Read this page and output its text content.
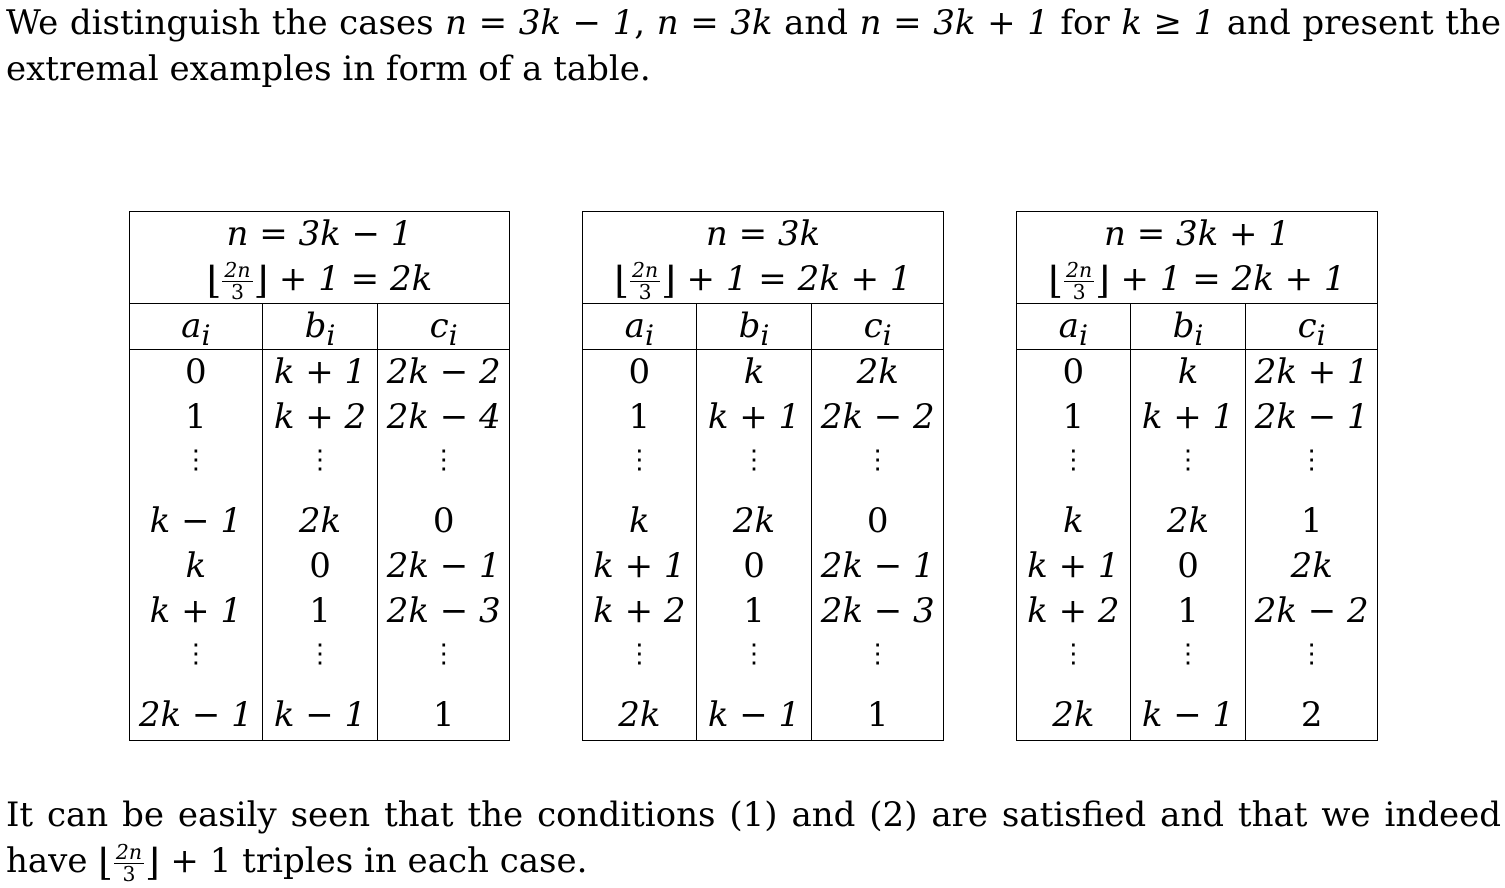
We distinguish the cases n = 3k − 1, n = 3k and n = 3k + 1 for k ≥ 1 and present the extremal examples in form of a table.
n = 3k − 1
⌊ $\frac{2n}{3}$ ⌋ + 1 = 2k
$a_i$
0
1
⋮
k − 1
k
k + 1
⋮
2k − 1
$b_i$
k + 1
k + 2
⋮
2k
0
1
⋮
k − 1
$c_i$
2k − 2
2k − 4
⋮
0
2k − 1
2k − 3
⋮
1
n = 3k
⌊ $\frac{2n}{3}$ ⌋ + 1 = 2k + 1
$a_i$
0
1
⋮
k
k + 1
k + 2
⋮
2k
$b_i$
k
k + 1
⋮
2k
0
1
⋮
k − 1
$c_i$
2k
2k − 2
⋮
0
2k − 1
2k − 3
⋮
1
n = 3k + 1
⌊ $\frac{2n}{3}$ ⌋ + 1 = 2k + 1
$a_i$
0
1
⋮
k
k + 1
k + 2
⋮
2k
$b_i$
k
k + 1
⋮
2k
0
1
⋮
k − 1
$c_i$
2k + 1
2k − 1
⋮
1
2k
2k − 2
⋮
2
It can be easily seen that the conditions (1) and (2) are satisfied and that we indeed have ⌊ $\frac{2n}{3}$ ⌋ + 1 triples in each case.
